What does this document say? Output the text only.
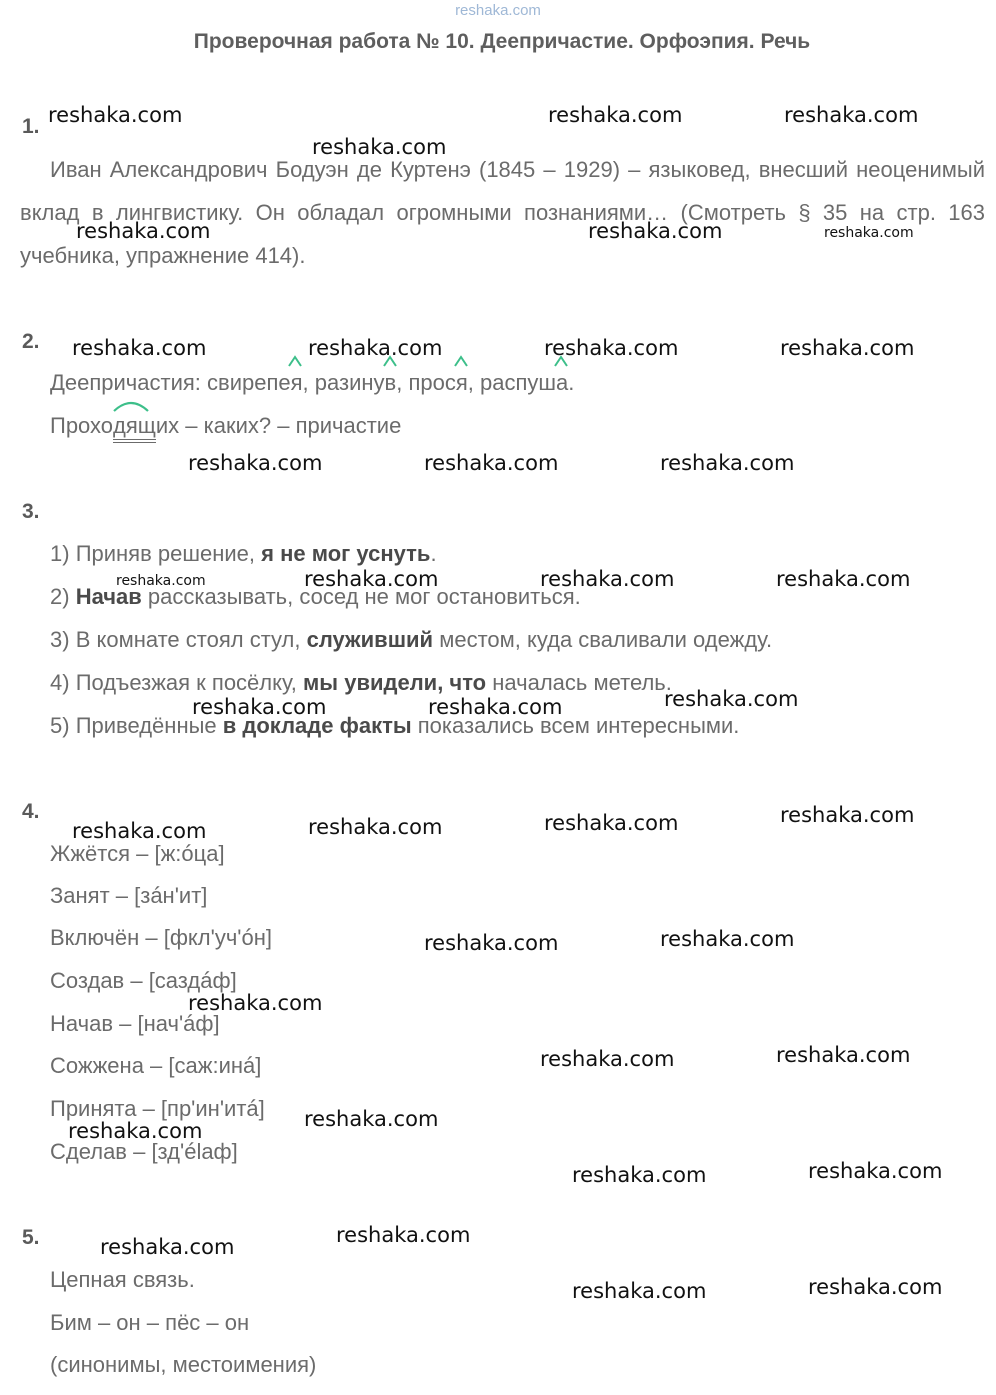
reshaka.com
Проверочная работа № 10. Деепричастие. Орфоэпия. Речь
1.
Иван Александрович Бодуэн де Куртенэ (1845 – 1929) – языковед, внесший неоценимый вклад в лингвистику. Он обладал огромными познаниями… (Смотреть § 35 на стр. 163 учебника, упражнение 414).
2.
Деепричастия: свирепе
я, разину
в, прос
я, распуш
а.
Прохо
дящих – каких? – причастие
3.
1) Приняв решение, я не мог уснуть.
2) Начав рассказывать, сосед не мог остановиться.
3) В комнате стоял стул, служивший местом, куда сваливали одежду.
4) Подъезжая к посёлку, мы увидели, что началась метель.
5) Приведённые в докладе факты показались всем интересными.
4.
Жжётся – [ж:óца]
Занят – [зáн'ит]
Включён – [фкл'уч'óн]
Создав – [саздáф]
Начав – [нач'áф]
Сожжена – [саж:инá]
Принята – [пр'ин'итá]
Сделав – [зд'élаф]
5.
Цепная связь.
Бим – он – пёс – он
(синонимы, местоимения)
reshaka.com	reshaka.com	reshaka.com
reshaka.com
reshaka.com	reshaka.com	reshaka.com
reshaka.com	reshaka.com	reshaka.com	reshaka.com
reshaka.com	reshaka.com	reshaka.com
reshaka.com	reshaka.com	reshaka.com	reshaka.com
reshaka.com
reshaka.com	reshaka.com
reshaka.com	reshaka.com	reshaka.com	reshaka.com
reshaka.com	reshaka.com
reshaka.com
reshaka.com	reshaka.com
reshaka.com
reshaka.com
reshaka.com	reshaka.com
reshaka.com
reshaka.com
reshaka.com	reshaka.com
